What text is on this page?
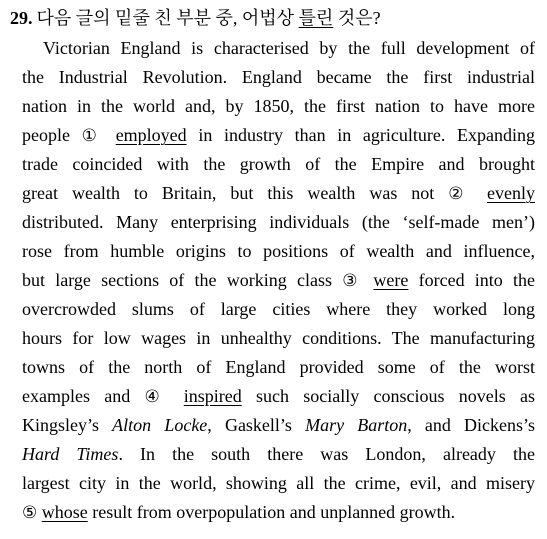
29. 다음 글의 밑줄 친 부분 중, 어법상 틀린 것은?
Victorian England is characterised by the full development of
the Industrial Revolution. England became the first industrial
nation in the world and, by 1850, the first nation to have more
people ① employed in industry than in agriculture. Expanding
trade coincided with the growth of the Empire and brought
great wealth to Britain, but this wealth was not ② evenly
distributed. Many enterprising individuals (the ‘self-made men’)
rose from humble origins to positions of wealth and influence,
but large sections of the working class ③ were forced into the
overcrowded slums of large cities where they worked long
hours for low wages in unhealthy conditions. The manufacturing
towns of the north of England provided some of the worst
examples and ④ inspired such socially conscious novels as
Kingsley’s Alton Locke, Gaskell’s Mary Barton, and Dickens’s
Hard Times. In the south there was London, already the
largest city in the world, showing all the crime, evil, and misery
⑤ whose result from overpopulation and unplanned growth.
